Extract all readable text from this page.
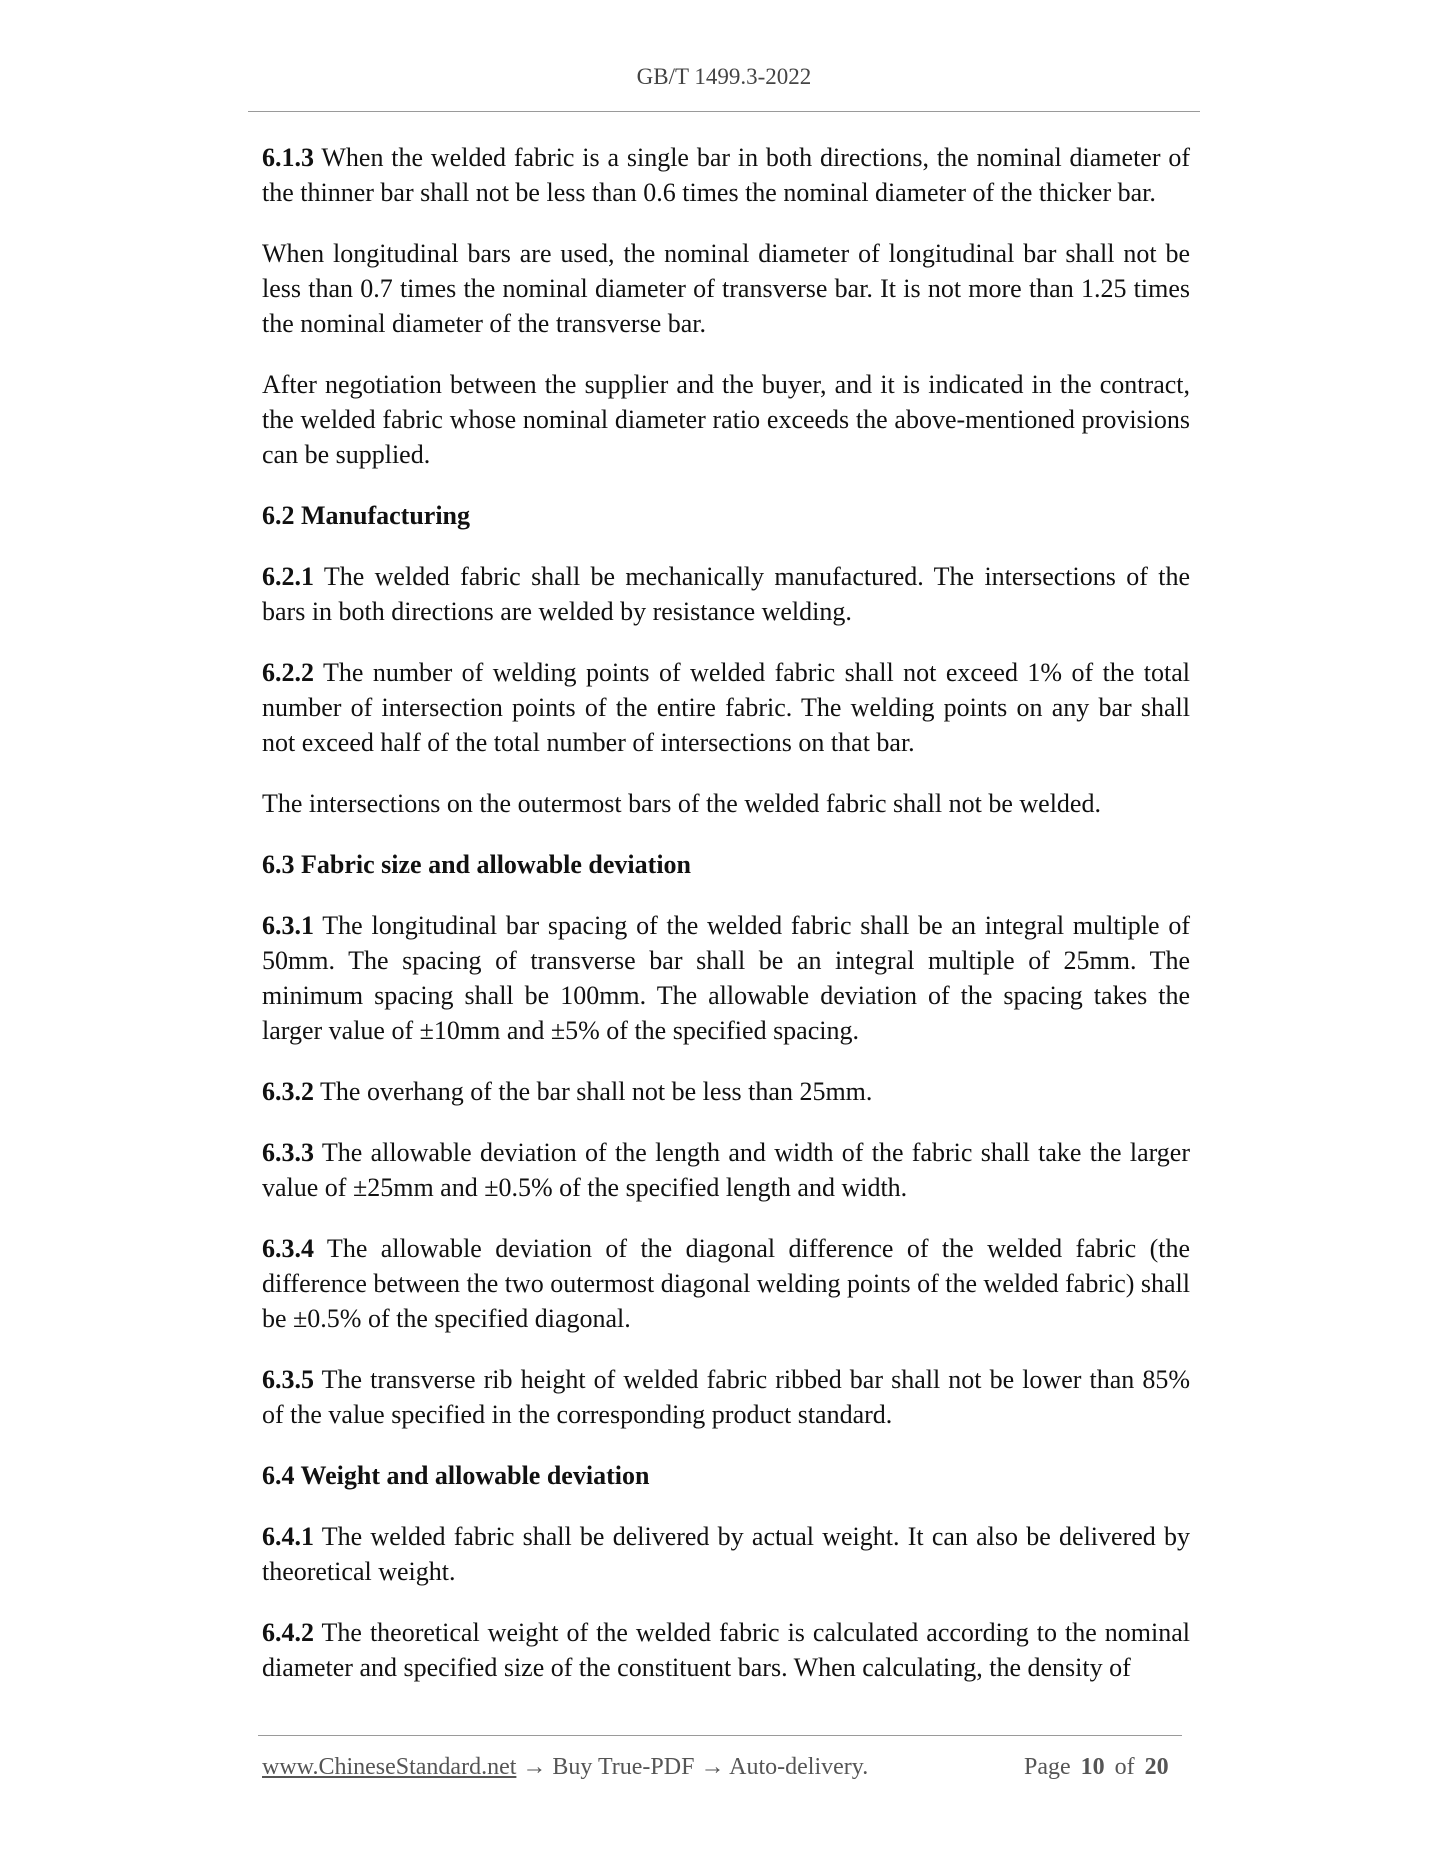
GB/T 1499.3-2022

6.1.3 When the welded fabric is a single bar in both directions, the nominal diameter of the thinner bar shall not be less than 0.6 times the nominal diameter of the thicker bar.

When longitudinal bars are used, the nominal diameter of longitudinal bar shall not be less than 0.7 times the nominal diameter of transverse bar. It is not more than 1.25 times the nominal diameter of the transverse bar.

After negotiation between the supplier and the buyer, and it is indicated in the contract, the welded fabric whose nominal diameter ratio exceeds the above-mentioned provisions can be supplied.

6.2 Manufacturing

6.2.1 The welded fabric shall be mechanically manufactured. The intersections of the bars in both directions are welded by resistance welding.

6.2.2 The number of welding points of welded fabric shall not exceed 1% of the total number of intersection points of the entire fabric. The welding points on any bar shall not exceed half of the total number of intersections on that bar.

The intersections on the outermost bars of the welded fabric shall not be welded.

6.3 Fabric size and allowable deviation

6.3.1 The longitudinal bar spacing of the welded fabric shall be an integral multiple of 50mm. The spacing of transverse bar shall be an integral multiple of 25mm. The minimum spacing shall be 100mm. The allowable deviation of the spacing takes the larger value of ±10mm and ±5% of the specified spacing.

6.3.2 The overhang of the bar shall not be less than 25mm.

6.3.3 The allowable deviation of the length and width of the fabric shall take the larger value of ±25mm and ±0.5% of the specified length and width.

6.3.4 The allowable deviation of the diagonal difference of the welded fabric (the difference between the two outermost diagonal welding points of the welded fabric) shall be ±0.5% of the specified diagonal.

6.3.5 The transverse rib height of welded fabric ribbed bar shall not be lower than 85% of the value specified in the corresponding product standard.

6.4 Weight and allowable deviation

6.4.1 The welded fabric shall be delivered by actual weight. It can also be delivered by theoretical weight.

6.4.2 The theoretical weight of the welded fabric is calculated according to the nominal diameter and specified size of the constituent bars. When calculating, the density of

www.ChineseStandard.net → Buy True-PDF → Auto-delivery.	Page 10 of 20
